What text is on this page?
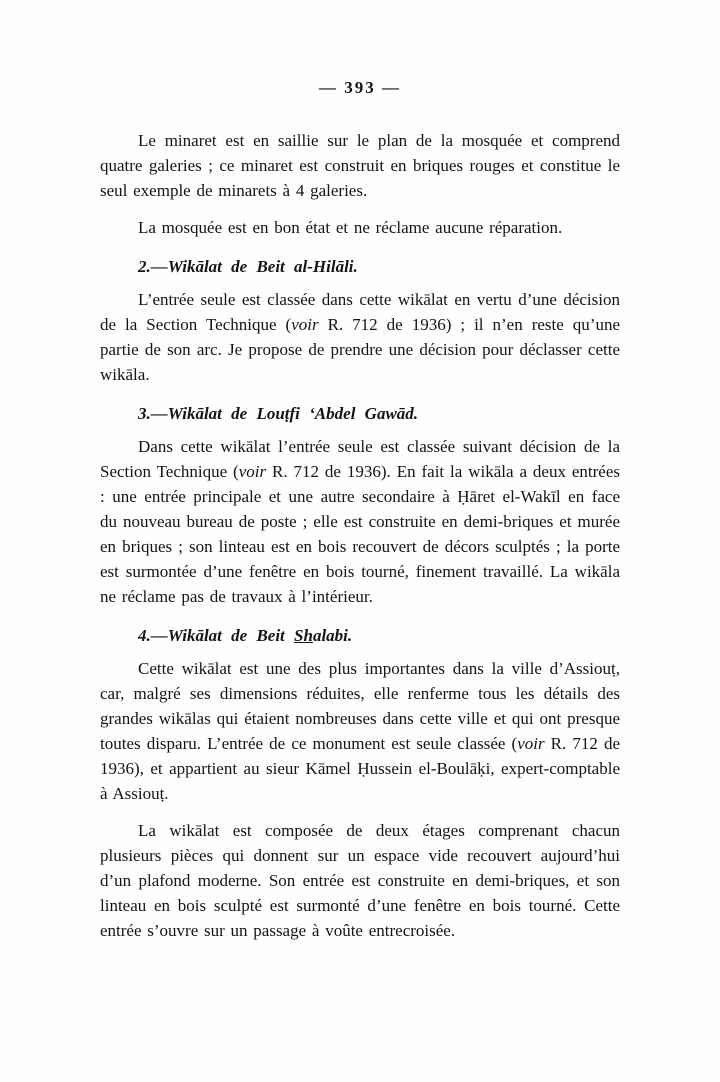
— 393 —

Le minaret est en saillie sur le plan de la mosquée et comprend quatre galeries ; ce minaret est construit en briques rouges et constitue le seul exemple de minarets à 4 galeries.

La mosquée est en bon état et ne réclame aucune réparation.

2.—Wikālat de Beit al-Hilāli.

L’entrée seule est classée dans cette wikālat en vertu d’une décision de la Section Technique (voir R. 712 de 1936) ; il n’en reste qu’une partie de son arc. Je propose de prendre une décision pour déclasser cette wikāla.

3.—Wikālat de Louṭfi ‘Abdel Gawād.

Dans cette wikālat l’entrée seule est classée suivant décision de la Section Technique (voir R. 712 de 1936). En fait la wikāla a deux entrées : une entrée principale et une autre secondaire à Ḥāret el-Wakīl en face du nouveau bureau de poste ; elle est construite en demi-briques et murée en briques ; son linteau est en bois recouvert de décors sculptés ; la porte est surmontée d’une fenêtre en bois tourné, finement travaillé. La wikāla ne réclame pas de travaux à l’intérieur.

4.—Wikālat de Beit Shalabi.

Cette wikālat est une des plus importantes dans la ville d’Assiouṭ, car, malgré ses dimensions réduites, elle renferme tous les détails des grandes wikālas qui étaient nombreuses dans cette ville et qui ont presque toutes disparu. L’entrée de ce monument est seule classée (voir R. 712 de 1936), et appartient au sieur Kāmel Ḥussein el-Boulāḳi, expert-comptable à Assiouṭ.

La wikālat est composée de deux étages comprenant chacun plusieurs pièces qui donnent sur un espace vide recouvert aujourd’hui d’un plafond moderne. Son entrée est construite en demi-briques, et son linteau en bois sculpté est surmonté d’une fenêtre en bois tourné. Cette entrée s’ouvre sur un passage à voûte entrecroisée.
